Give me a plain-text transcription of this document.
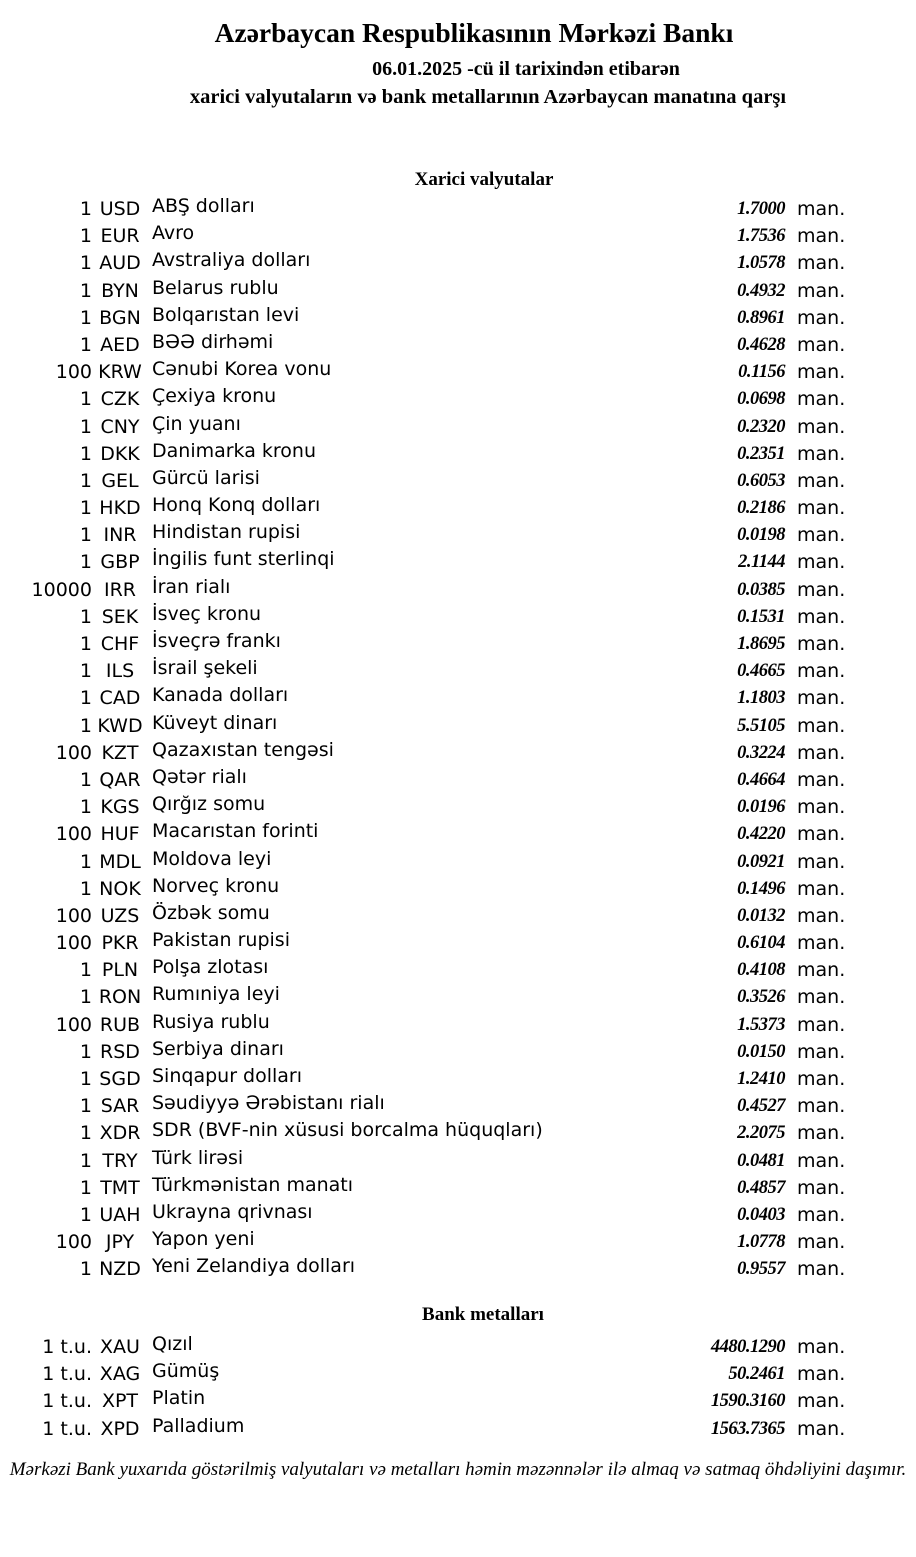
Azərbaycan Respublikasının Mərkəzi Bankı
06.01.2025 -cü il tarixindən etibarən
xarici valyutaların və bank metallarının Azərbaycan manatına qarşı
Xarici valyutalar
1 USD ABŞ dolları	1.7000 man.
1 EUR Avro	1.7536 man.
1 AUD Avstraliya dolları	1.0578 man.
1 BYN Belarus rublu	0.4932 man.
1 BGN Bolqarıstan levi	0.8961 man.
1 AED BƏƏ dirhəmi	0.4628 man.
100 KRW Cənubi Korea vonu	0.1156 man.
1 CZK Çexiya kronu	0.0698 man.
1 CNY Çin yuanı	0.2320 man.
1 DKK Danimarka kronu	0.2351 man.
1 GEL Gürcü larisi	0.6053 man.
1 HKD Honq Konq dolları	0.2186 man.
1 INR Hindistan rupisi	0.0198 man.
1 GBP İngilis funt sterlinqi	2.1144 man.
10000 IRR İran rialı	0.0385 man.
1 SEK İsveç kronu	0.1531 man.
1 CHF İsveçrə frankı	1.8695 man.
1 ILS İsrail şekeli	0.4665 man.
1 CAD Kanada dolları	1.1803 man.
1 KWD Küveyt dinarı	5.5105 man.
100 KZT Qazaxıstan tengəsi	0.3224 man.
1 QAR Qətər rialı	0.4664 man.
1 KGS Qırğız somu	0.0196 man.
100 HUF Macarıstan forinti	0.4220 man.
1 MDL Moldova leyi	0.0921 man.
1 NOK Norveç kronu	0.1496 man.
100 UZS Özbək somu	0.0132 man.
100 PKR Pakistan rupisi	0.6104 man.
1 PLN Polşa zlotası	0.4108 man.
1 RON Rumıniya leyi	0.3526 man.
100 RUB Rusiya rublu	1.5373 man.
1 RSD Serbiya dinarı	0.0150 man.
1 SGD Sinqapur dolları	1.2410 man.
1 SAR Səudiyyə Ərəbistanı rialı	0.4527 man.
1 XDR SDR (BVF-nin xüsusi borcalma hüquqları)	2.2075 man.
1 TRY Türk lirəsi	0.0481 man.
1 TMT Türkmənistan manatı	0.4857 man.
1 UAH Ukrayna qrivnası	0.0403 man.
100 JPY Yapon yeni	1.0778 man.
1 NZD Yeni Zelandiya dolları	0.9557 man.
Bank metalları
1 t.u. XAU Qızıl	4480.1290 man.
1 t.u. XAG Gümüş	50.2461 man.
1 t.u. XPT Platin	1590.3160 man.
1 t.u. XPD Palladium	1563.7365 man.
Mərkəzi Bank yuxarıda göstərilmiş valyutaları və metalları həmin məzənnələr ilə almaq və satmaq öhdəliyini daşımır.
